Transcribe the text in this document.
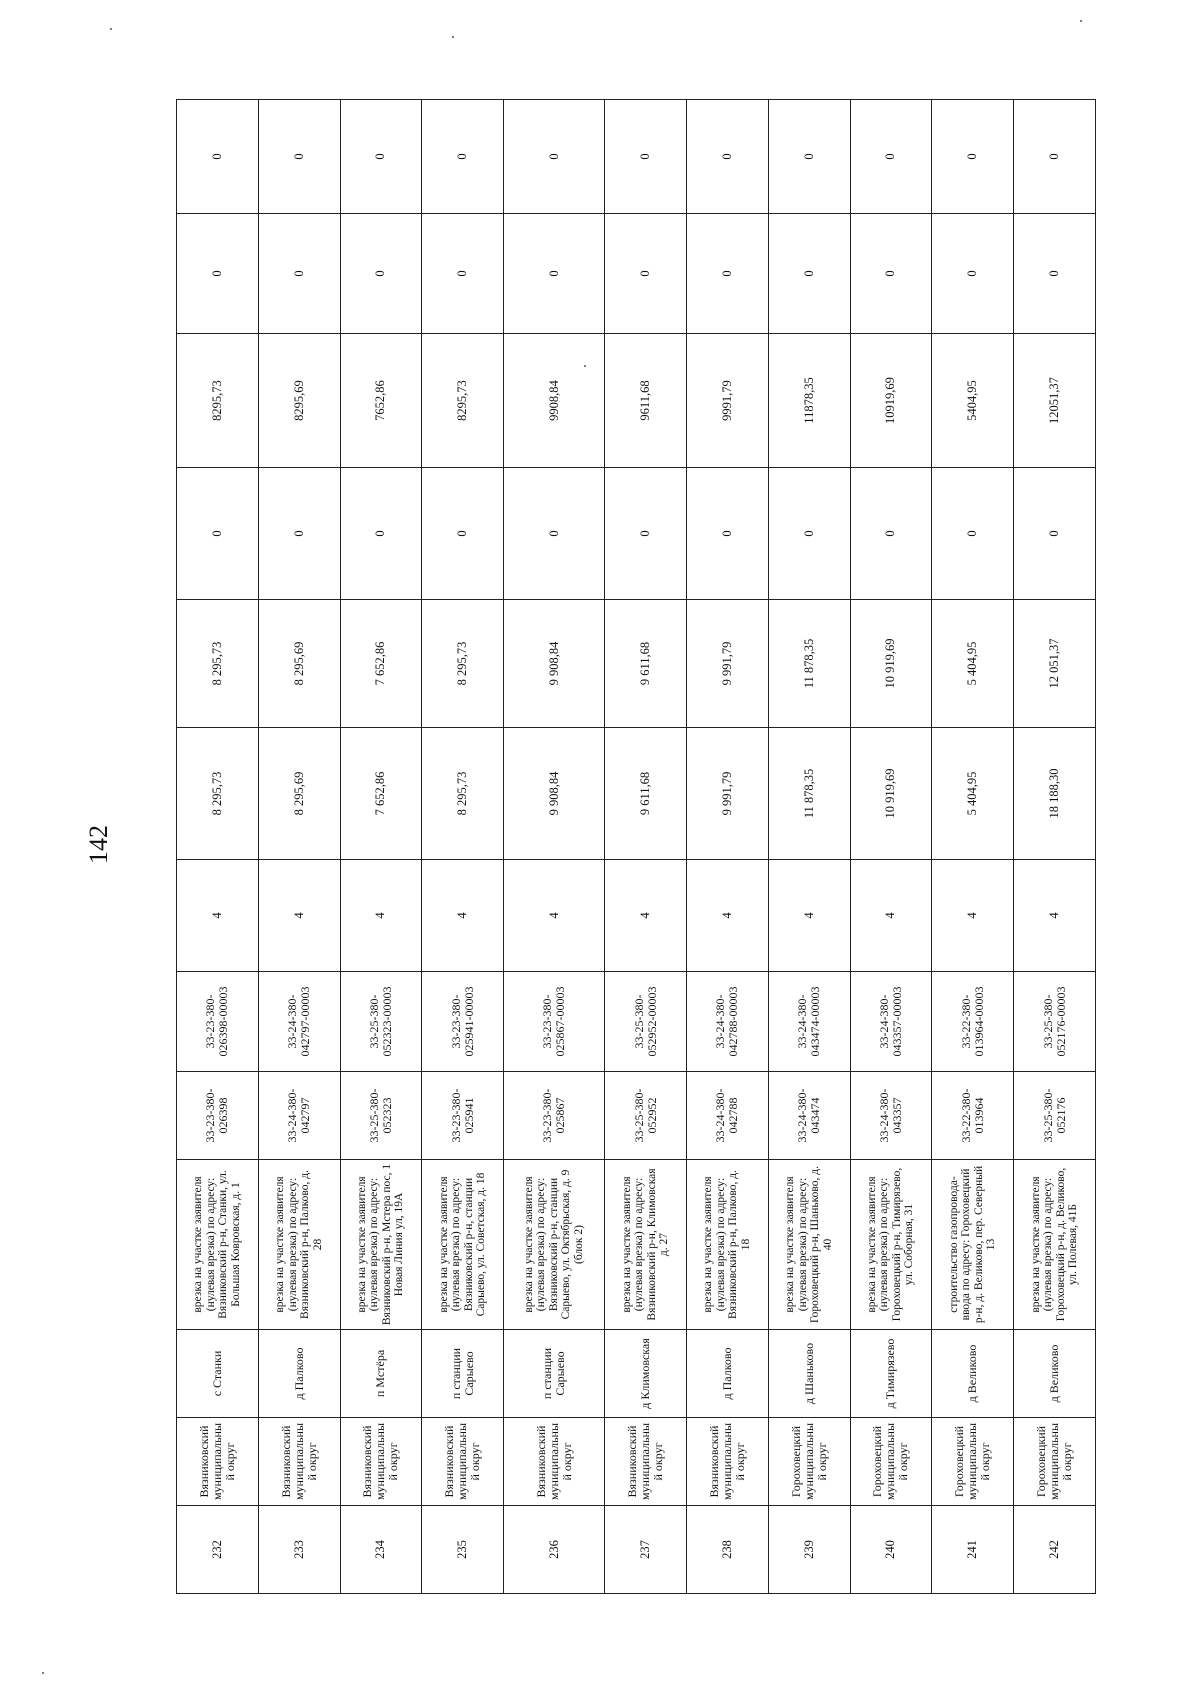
142
232	Вязниковский муниципальный округ	с Станки	врезка на участке заявителя (нулевая врезка) по адресу: Вязниковский р-н, Станки, ул. Большая Ковровская, д. 1	33-23-380-026398	33-23-380-026398-00003	4	8 295,73	8 295,73	0	8295,73	0	0
233	Вязниковский муниципальный округ	д Палково	врезка на участке заявителя (нулевая врезка) по адресу: Вязниковский р-н, Палково, д. 28	33-24-380-042797	33-24-380-042797-00003	4	8 295,69	8 295,69	0	8295,69	0	0
234	Вязниковский муниципальный округ	п Мстёра	врезка на участке заявителя (нулевая врезка) по адресу: Вязниковский р-н, Мстера пос, 1 Новая Линия ул, 19А	33-25-380-052323	33-25-380-052323-00003	4	7 652,86	7 652,86	0	7652,86	0	0
235	Вязниковский муниципальный округ	п станции Сарыево	врезка на участке заявителя (нулевая врезка) по адресу: Вязниковский р-н, станции Сарыево, ул. Советская, д. 18	33-23-380-025941	33-23-380-025941-00003	4	8 295,73	8 295,73	0	8295,73	0	0
236	Вязниковский муниципальный округ	п станции Сарыево	врезка на участке заявителя (нулевая врезка) по адресу: Вязниковский р-н, станции Сарыево, ул. Октябрьская, д. 9 (блок 2)	33-23-380-025867	33-23-380-025867-00003	4	9 908,84	9 908,84	0	9908,84	0	0
237	Вязниковский муниципальный округ	д Климовская	врезка на участке заявителя (нулевая врезка) по адресу: Вязниковский р-н, Климовская д. 27	33-25-380-052952	33-25-380-052952-00003	4	9 611,68	9 611,68	0	9611,68	0	0
238	Вязниковский муниципальный округ	д Палково	врезка на участке заявителя (нулевая врезка) по адресу: Вязниковский р-н, Палково, д. 18	33-24-380-042788	33-24-380-042788-00003	4	9 991,79	9 991,79	0	9991,79	0	0
239	Гороховецкий муниципальный округ	д Шаньково	врезка на участке заявителя (нулевая врезка) по адресу: Гороховецкий р-н, Шаньково, д. 40	33-24-380-043474	33-24-380-043474-00003	4	11 878,35	11 878,35	0	11878,35	0	0
240	Гороховецкий муниципальный округ	д Тимирязево	врезка на участке заявителя (нулевая врезка) по адресу: Гороховецкий р-н, Тимирязево, ул. Соборная, 31	33-24-380-043357	33-24-380-043357-00003	4	10 919,69	10 919,69	0	10919,69	0	0
241	Гороховецкий муниципальный округ	д Великово	строительство газопровода-ввода по адресу: Гороховецкий р-н, д. Великово, пер. Северный 13	33-22-380-013964	33-22-380-013964-00003	4	5 404,95	5 404,95	0	5404,95	0	0
242	Гороховецкий муниципальный округ	д Великово	врезка на участке заявителя (нулевая врезка) по адресу: Гороховецкий р-н, д. Великово, ул. Полевая, 41Б	33-25-380-052176	33-25-380-052176-00003	4	18 188,30	12 051,37	0	12051,37	0	0
